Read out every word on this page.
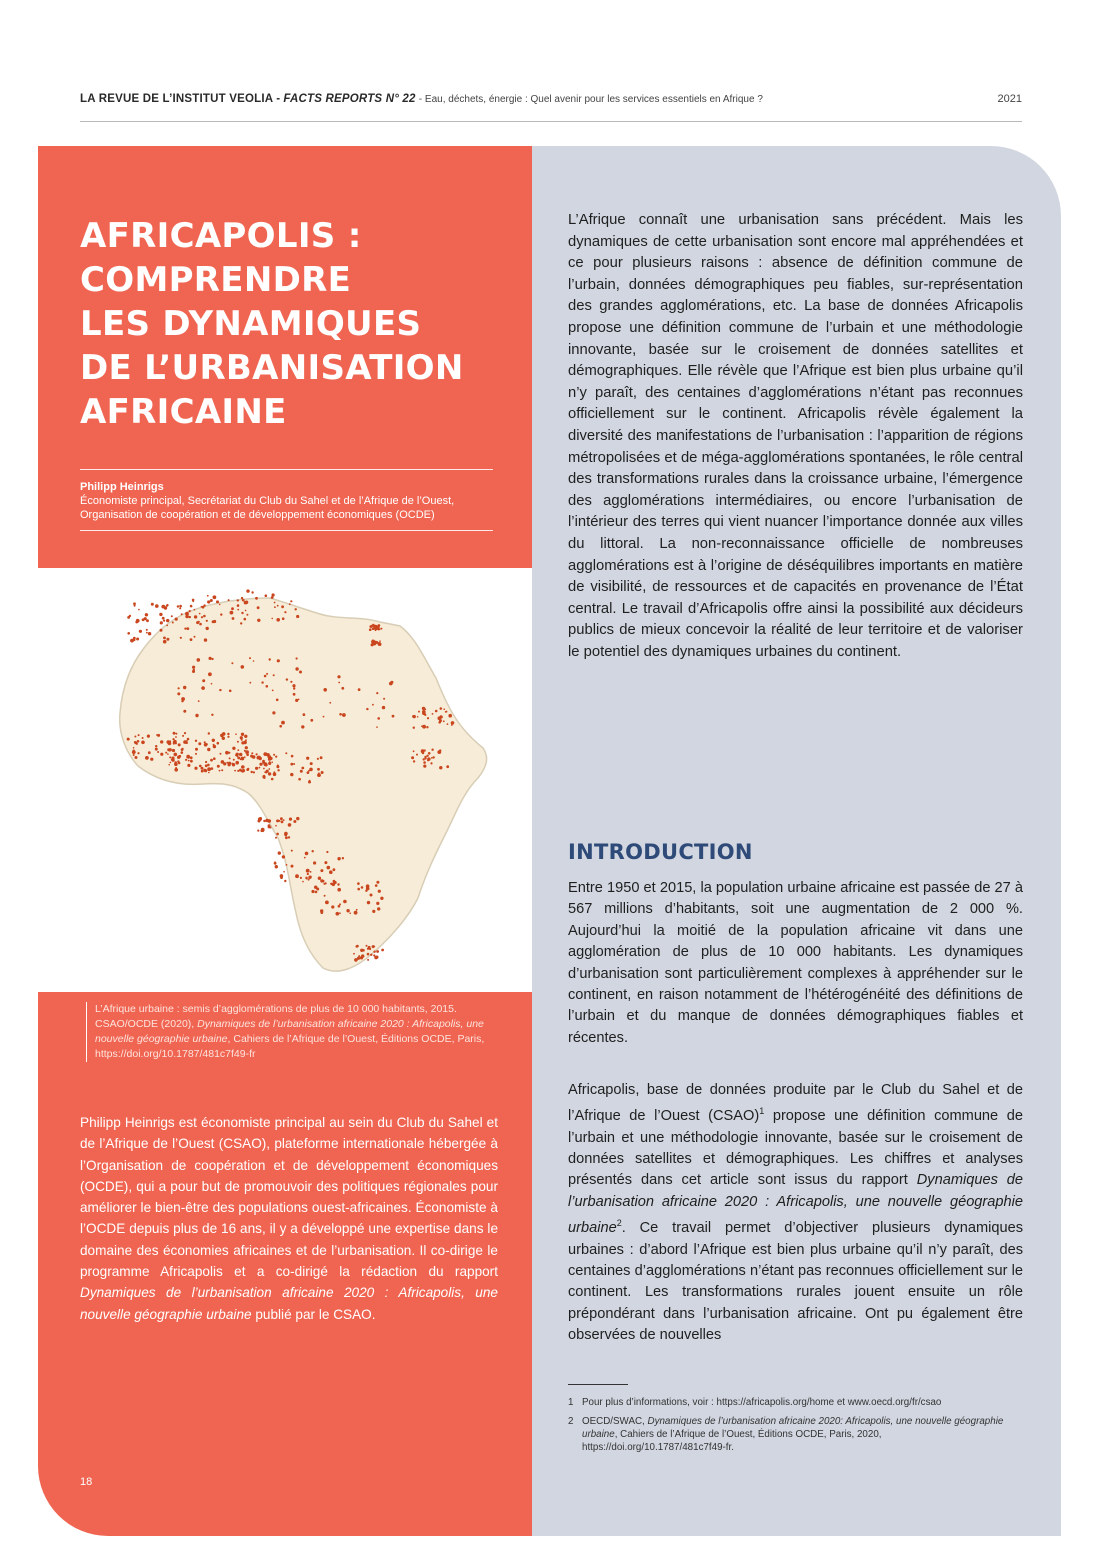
LA REVUE DE L’INSTITUT VEOLIA - FACTS REPORTS N° 22 - Eau, déchets, énergie : Quel avenir pour les services essentiels en Afrique ?	2021
AFRICAPOLIS :
COMPRENDRE
LES DYNAMIQUES
DE L’URBANISATION
AFRICAINE
Philipp Heinrigs
Économiste principal, Secrétariat du Club du Sahel et de l’Afrique de l’Ouest,
Organisation de coopération et de développement économiques (OCDE)
L’Afrique urbaine : semis d’agglomérations de plus de 10 000 habitants, 2015. CSAO/OCDE (2020), Dynamiques de l’urbanisation africaine 2020 : Africapolis, une nouvelle géographie urbaine, Cahiers de l’Afrique de l’Ouest, Éditions OCDE, Paris, https://doi.org/10.1787/481c7f49-fr

Philipp Heinrigs est économiste principal au sein du Club du Sahel et de l’Afrique de l’Ouest (CSAO), plateforme internationale hébergée à l’Organisation de coopération et de développement économiques (OCDE), qui a pour but de promouvoir des politiques régionales pour améliorer le bien-être des populations ouest-africaines. Économiste à l’OCDE depuis plus de 16 ans, il y a développé une expertise dans le domaine des économies africaines et de l’urbanisation. Il co-dirige le programme Africapolis et a co-dirigé la rédaction du rapport Dynamiques de l’urbanisation africaine 2020 : Africapolis, une nouvelle géographie urbaine publié par le CSAO.

18

L’Afrique connaît une urbanisation sans précédent. Mais les dynamiques de cette urbanisation sont encore mal appréhendées et ce pour plusieurs raisons : absence de définition commune de l’urbain, données démographiques peu fiables, sur-représentation des grandes agglomérations, etc. La base de données Africapolis propose une définition commune de l’urbain et une méthodologie innovante, basée sur le croisement de données satellites et démographiques. Elle révèle que l’Afrique est bien plus urbaine qu’il n’y paraît, des centaines d’agglomérations n’étant pas reconnues officiellement sur le continent. Africapolis révèle également la diversité des manifestations de l’urbanisation : l’apparition de régions métropolisées et de méga-agglomérations spontanées, le rôle central des transformations rurales dans la croissance urbaine, l’émergence des agglomérations intermédiaires, ou encore l’urbanisation de l’intérieur des terres qui vient nuancer l’importance donnée aux villes du littoral. La non-reconnaissance officielle de nombreuses agglomérations est à l’origine de déséquilibres importants en matière de visibilité, de ressources et de capacités en provenance de l’État central. Le travail d’Africapolis offre ainsi la possibilité aux décideurs publics de mieux concevoir la réalité de leur territoire et de valoriser le potentiel des dynamiques urbaines du continent.

INTRODUCTION

Entre 1950 et 2015, la population urbaine africaine est passée de 27 à 567 millions d’habitants, soit une augmentation de 2 000 %. Aujourd’hui la moitié de la population africaine vit dans une agglomération de plus de 10 000 habitants. Les dynamiques d’urbanisation sont particulièrement complexes à appréhender sur le continent, en raison notamment de l’hétérogénéité des définitions de l’urbain et du manque de données démographiques fiables et récentes.

Africapolis, base de données produite par le Club du Sahel et de l’Afrique de l’Ouest (CSAO)$^1$ propose une définition commune de l’urbain et une méthodologie innovante, basée sur le croisement de données satellites et démographiques. Les chiffres et analyses présentés dans cet article sont issus du rapport Dynamiques de l’urbanisation africaine 2020 : Africapolis, une nouvelle géographie urbaine$^2$. Ce travail permet d’objectiver plusieurs dynamiques urbaines : d’abord l’Afrique est bien plus urbaine qu’il n’y paraît, des centaines d’agglomérations n’étant pas reconnues officiellement sur le continent. Les transformations rurales jouent ensuite un rôle prépondérant dans l’urbanisation africaine. Ont pu également être observées de nouvelles

1 Pour plus d’informations, voir : https://africapolis.org/home et www.oecd.org/fr/csao
2 OECD/SWAC, Dynamiques de l’urbanisation africaine 2020: Africapolis, une nouvelle géographie urbaine, Cahiers de l’Afrique de l’Ouest, Éditions OCDE, Paris, 2020, https://doi.org/10.1787/481c7f49-fr.
